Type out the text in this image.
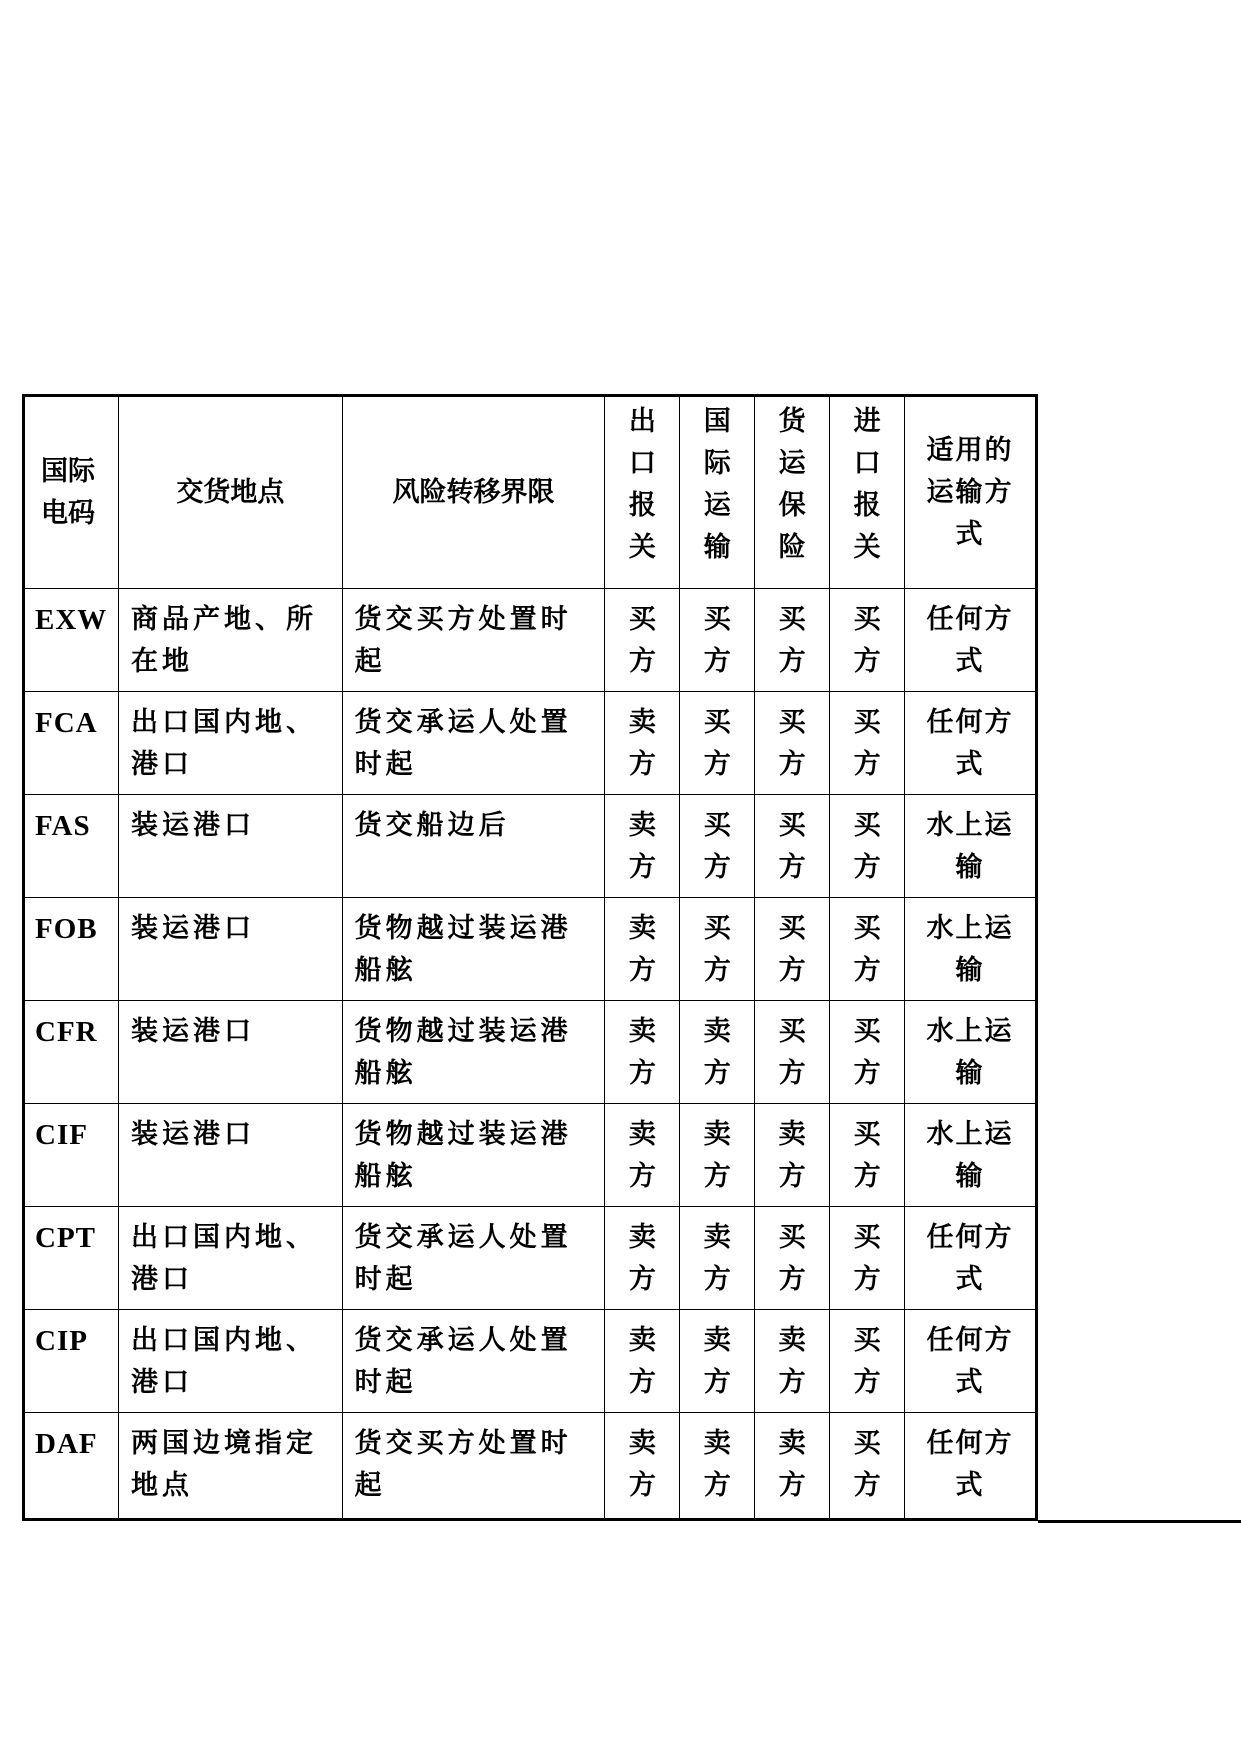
国际电码	交货地点	风险转移界限	出口报关	国际运输	货运保险	进口报关	适用的运输方式
EXW	商品产地、所在地	货交买方处置时起	买方	买方	买方	买方	任何方式
FCA	出口国内地、港口	货交承运人处置时起	卖方	买方	买方	买方	任何方式
FAS	装运港口	货交船边后	卖方	买方	买方	买方	水上运输
FOB	装运港口	货物越过装运港船舷	卖方	买方	买方	买方	水上运输
CFR	装运港口	货物越过装运港船舷	卖方	卖方	买方	买方	水上运输
CIF	装运港口	货物越过装运港船舷	卖方	卖方	卖方	买方	水上运输
CPT	出口国内地、港口	货交承运人处置时起	卖方	卖方	买方	买方	任何方式
CIP	出口国内地、港口	货交承运人处置时起	卖方	卖方	卖方	买方	任何方式
DAF	两国边境指定地点	货交买方处置时起	卖方	卖方	卖方	买方	任何方式
